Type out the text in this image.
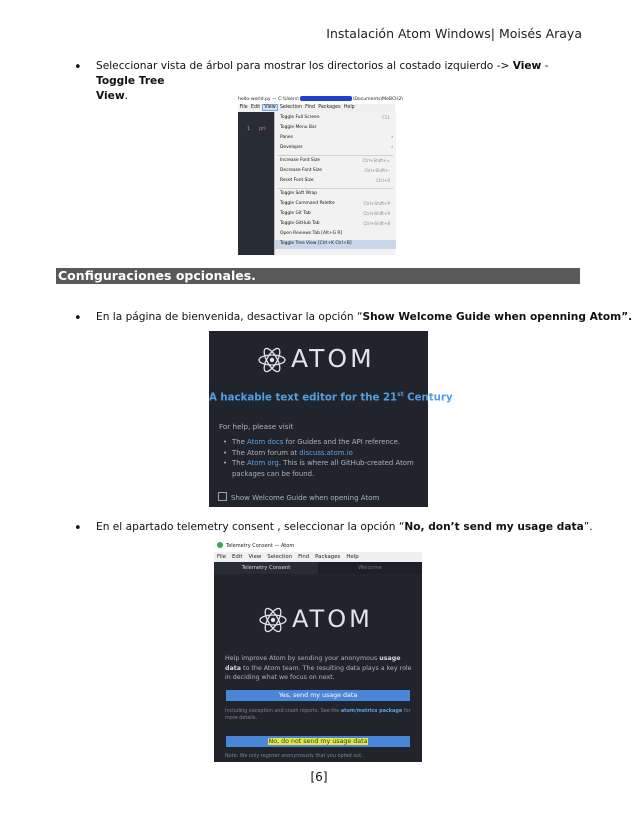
Instalación Atom Windows| Moisés Araya
• Seleccionar vista de árbol para mostrar los directorios al costado izquierdo -> View - Toggle Tree
View.	hello-world.py — C:\Users\	\Documents\MeBCH2\
File Edit View Selection Find Packages Help
1 pri
Toggle Full Screen	F11
Toggle Menu Bar
Panes	›
Developer	›
Increase Font Size	Ctrl+Shift+=
Decrease Font Size	Ctrl+Shift+-
Reset Font Size	Ctrl+0
Toggle Soft Wrap
Toggle Command Palette	Ctrl+Shift+P
Toggle Git Tab	Ctrl+Shift+9
Toggle GitHub Tab	Ctrl+Shift+8
Open Reviews Tab [Alt+G R]
Toggle Tree View [Ctrl+K Ctrl+B]
Configuraciones opcionales.
• En la página de bienvenida, desactivar la opción “Show Welcome Guide when openning Atom”.
ATOM
A hackable text editor for the 21st Century
For help, please visit
• The Atom docs for Guides and the API reference.
• The Atom forum at discuss.atom.io
• The Atom org. This is where all GitHub-created Atom packages can be found.
Show Welcome Guide when opening Atom
• En el apartado telemetry consent , seleccionar la opción “No, don’t send my usage data”.
Telemetry Consent — Atom
File Edit View Selection Find Packages Help
Telemetry Consent	Welcome
ATOM
Help improve Atom by sending your anonymous usage data to the Atom team. The resulting data plays a key role in deciding what we focus on next.
Yes, send my usage data
Including exception and crash reports. See the atom/metrics package for more details.
No, do not send my usage data
Note: We only register anonymously that you opted out.
[6]
